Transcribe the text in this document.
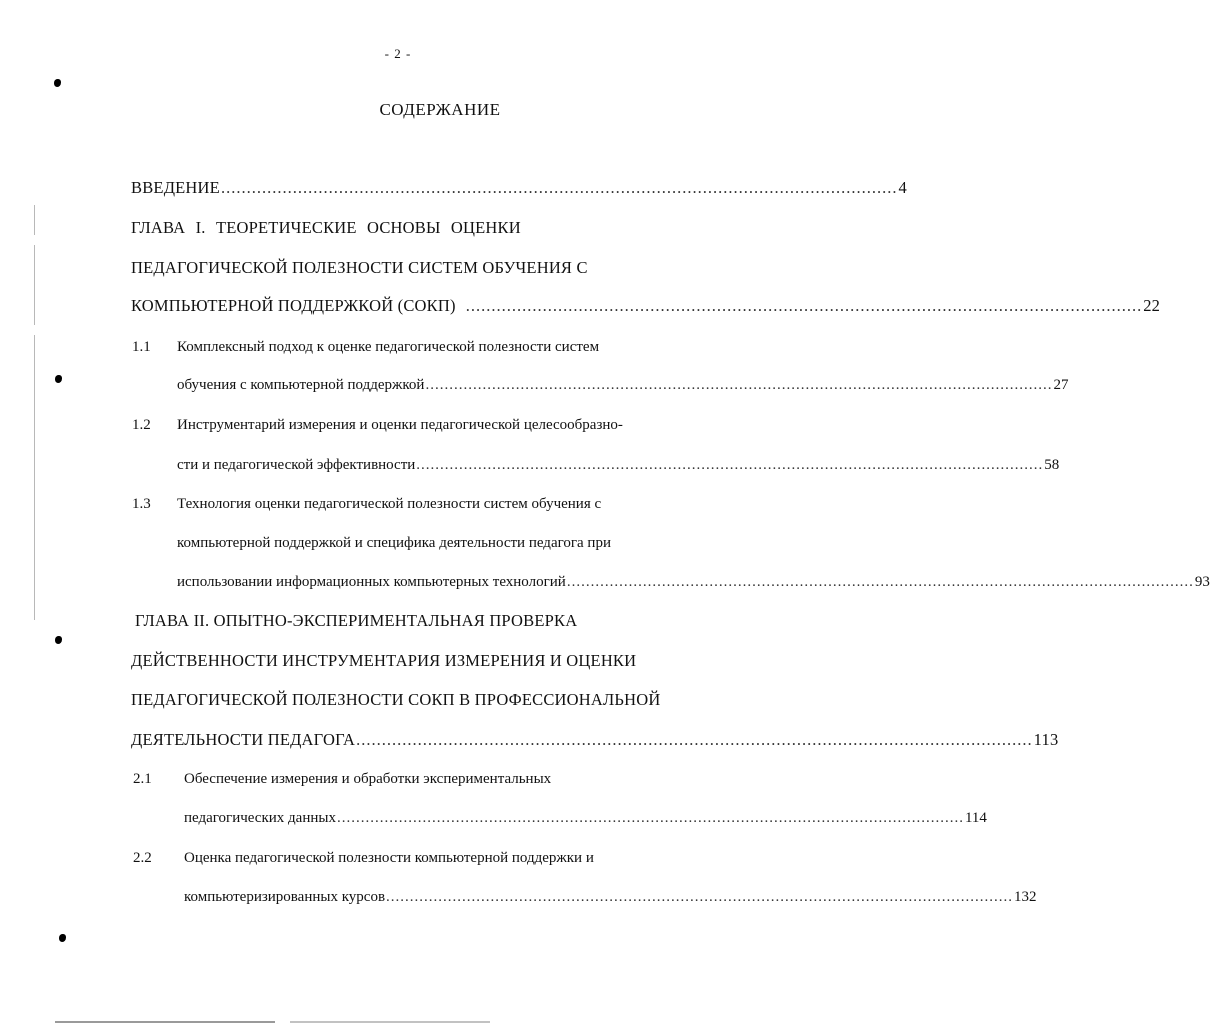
- 2 -
СОДЕРЖАНИЕ
ВВЕДЕНИЕ .................................................................................................................................... 4
ГЛАВА I. ТЕОРЕТИЧЕСКИЕ ОСНОВЫ ОЦЕНКИ
ПЕДАГОГИЧЕСКОЙ ПОЛЕЗНОСТИ СИСТЕМ ОБУЧЕНИЯ С
КОМПЬЮТЕРНОЙ ПОДДЕРЖКОЙ (СОКП) .................................................................................................................................... 22
1.1 Комплексный подход к оценке педагогической полезности систем
обучения с компьютерной поддержкой .................................................................................................................................... 27
1.2 Инструментарий измерения и оценки педагогической целесообразно-
сти и педагогической эффективности .................................................................................................................................... 58
1.3 Технология оценки педагогической полезности систем обучения с
компьютерной поддержкой и специфика деятельности педагога при
использовании информационных компьютерных технологий .................................................................................................................................... 93
ГЛАВА II. ОПЫТНО-ЭКСПЕРИМЕНТАЛЬНАЯ ПРОВЕРКА
ДЕЙСТВЕННОСТИ ИНСТРУМЕНТАРИЯ ИЗМЕРЕНИЯ И ОЦЕНКИ
ПЕДАГОГИЧЕСКОЙ ПОЛЕЗНОСТИ СОКП В ПРОФЕССИОНАЛЬНОЙ
ДЕЯТЕЛЬНОСТИ ПЕДАГОГА .................................................................................................................................... 113
2.1 Обеспечение измерения и обработки экспериментальных
педагогических данных .................................................................................................................................... 114
2.2 Оценка педагогической полезности компьютерной поддержки и
компьютеризированных курсов .................................................................................................................................... 132
